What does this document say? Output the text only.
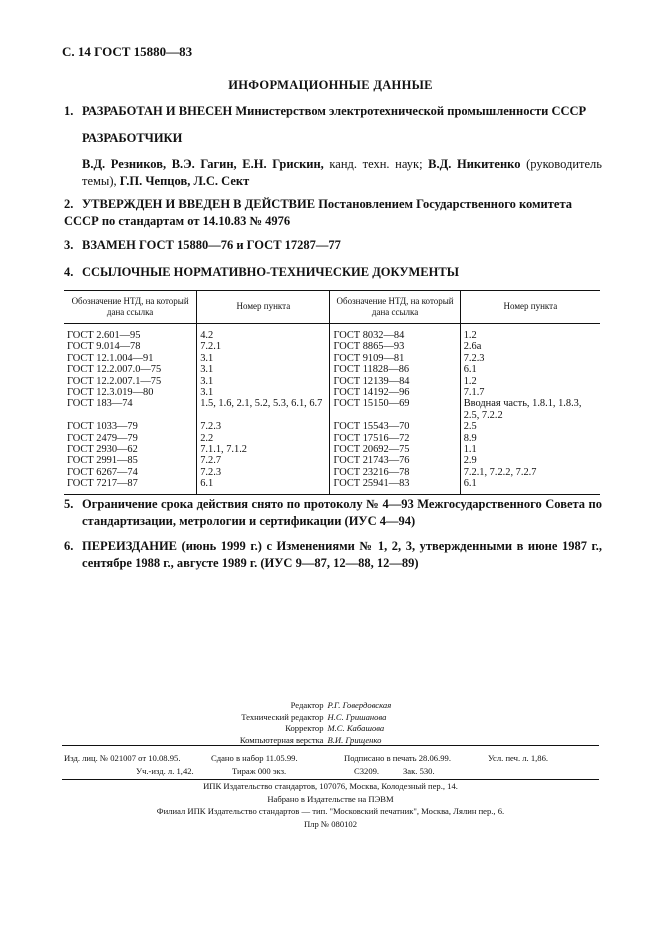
С. 14 ГОСТ 15880—83
ИНФОРМАЦИОННЫЕ ДАННЫЕ
1. РАЗРАБОТАН И ВНЕСЕН Министерством электротехнической промышленности СССР
РАЗРАБОТЧИКИ
В.Д. Резников, В.Э. Гагин, Е.Н. Грискин, канд. техн. наук; В.Д. Никитенко (руководитель темы), Г.П. Чепцов, Л.С. Сект
2. УТВЕРЖДЕН И ВВЕДЕН В ДЕЙСТВИЕ Постановлением Государственного комитета СССР по стандартам от 14.10.83 № 4976
3. ВЗАМЕН ГОСТ 15880—76 и ГОСТ 17287—77
4. ССЫЛОЧНЫЕ НОРМАТИВНО-ТЕХНИЧЕСКИЕ ДОКУМЕНТЫ
Обозначение НТД, на который дана ссылка	Номер пункта	Обозначение НТД, на который дана ссылка	Номер пункта
ГОСТ 2.601—95	4.2	ГОСТ 8032—84	1.2
ГОСТ 9.014—78	7.2.1	ГОСТ 8865—93	2.6а
ГОСТ 12.1.004—91	3.1	ГОСТ 9109—81	7.2.3
ГОСТ 12.2.007.0—75	3.1	ГОСТ 11828—86	6.1
ГОСТ 12.2.007.1—75	3.1	ГОСТ 12139—84	1.2
ГОСТ 12.3.019—80	3.1	ГОСТ 14192—96	7.1.7
ГОСТ 183—74	1.5, 1.6, 2.1, 5.2, 5.3, 6.1, 6.7	ГОСТ 15150—69	Вводная часть, 1.8.1, 1.8.3, 2.5, 7.2.2
ГОСТ 1033—79	7.2.3	ГОСТ 15543—70	2.5
ГОСТ 2479—79	2.2	ГОСТ 17516—72	8.9
ГОСТ 2930—62	7.1.1, 7.1.2	ГОСТ 20692—75	1.1
ГОСТ 2991—85	7.2.7	ГОСТ 21743—76	2.9
ГОСТ 6267—74	7.2.3	ГОСТ 23216—78	7.2.1, 7.2.2, 7.2.7
ГОСТ 7217—87	6.1	ГОСТ 25941—83	6.1
5. Ограничение срока действия снято по протоколу № 4—93 Межгосударственного Совета по стандартизации, метрологии и сертификации (ИУС 4—94)
6. ПЕРЕИЗДАНИЕ (июнь 1999 г.) с Изменениями № 1, 2, 3, утвержденными в июне 1987 г., сентябре 1988 г., августе 1989 г. (ИУС 9—87, 12—88, 12—89)
Редактор Р.Г. Говердовская
Технический редактор Н.С. Гришанова
Корректор М.С. Кабашова
Компьютерная верстка В.И. Грищенко
Изд. лиц. № 021007 от 10.08.95.	Сдано в набор 11.05.99.	Подписано в печать 28.06.99.	Усл. печ. л. 1,86.
Уч.-изд. л. 1,42.	Тираж 000 экз.	С3209.	Зак. 530.
ИПК Издательство стандартов, 107076, Москва, Колодезный пер., 14.
Набрано в Издательстве на ПЭВМ
Филиал ИПК Издательство стандартов — тип. "Московский печатник", Москва, Лялин пер., 6.
Плр № 080102
